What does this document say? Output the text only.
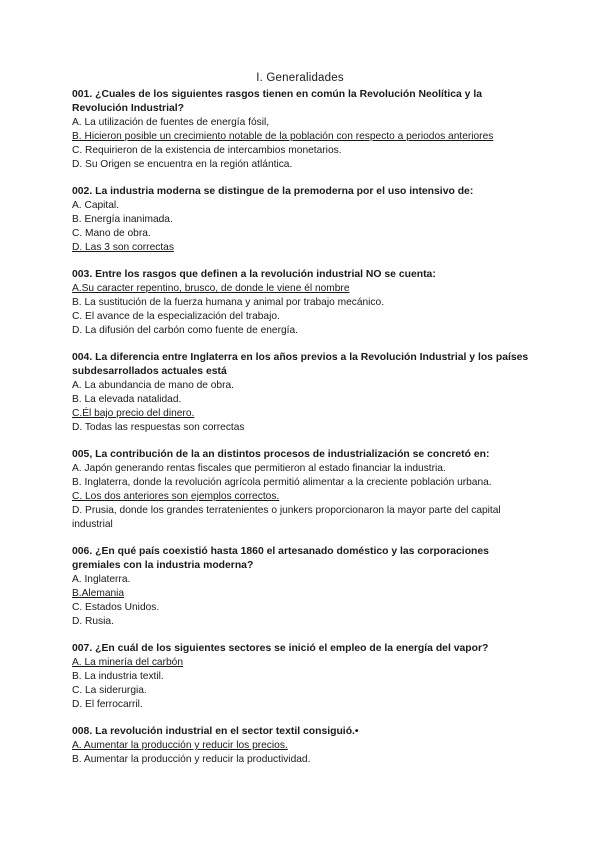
I. Generalidades
001. ¿Cuales de los siguientes rasgos tienen en común la Revolución Neolítica y la Revolución Industrial?
A. La utilización de fuentes de energía fósil,
B. Hicieron posible un crecimiento notable de la población con respecto a periodos anteriores
C. Requirieron de la existencia de intercambios monetarios.
D. Su Origen se encuentra en la región atlántica.
002. La industria moderna se distingue de la premoderna por el uso intensivo de:
A. Capital.
B. Energía inanimada.
C. Mano de obra.
D. Las 3 son correctas
003. Entre los rasgos que definen a la revolución industrial NO se cuenta:
A.Su caracter repentino, brusco, de donde le viene él nombre
B. La sustitución de la fuerza humana y animal por trabajo mecánico.
C. El avance de la especialización del trabajo.
D. La difusión del carbón como fuente de energía.
004. La diferencia entre Inglaterra en los años previos a la Revolución Industrial y los países subdesarrollados actuales está
A. La abundancia de mano de obra.
B. La elevada natalidad.
C.Él bajo precio del dinero.
D. Todas las respuestas son correctas
005, La contribución de la an distintos procesos de industrialización se concretó en:
A. Japón generando rentas fiscales que permitieron al estado financiar la industria.
B. Inglaterra, donde la revolución agrícola permitió alimentar a la creciente población urbana.
C. Los dos anteriores son ejemplos correctos.
D. Prusia, donde los grandes terratenientes o junkers proporcionaron la mayor parte del capital industrial
006. ¿En qué país coexistió hasta 1860 el artesanado doméstico y las corporaciones gremiales con la industria moderna?
A. Inglaterra.
B.Alemania
C. Estados Unidos.
D. Rusia.
007. ¿En cuál de los siguientes sectores se inició el empleo de la energía del vapor?
A. La minería del carbón
B. La industria textil.
C. La siderurgia.
D. El ferrocarril.
008. La revolución industrial en el sector textil consiguió.•
A. Aumentar la producción y reducir los precios.
B. Aumentar la producción y reducir la productividad.
